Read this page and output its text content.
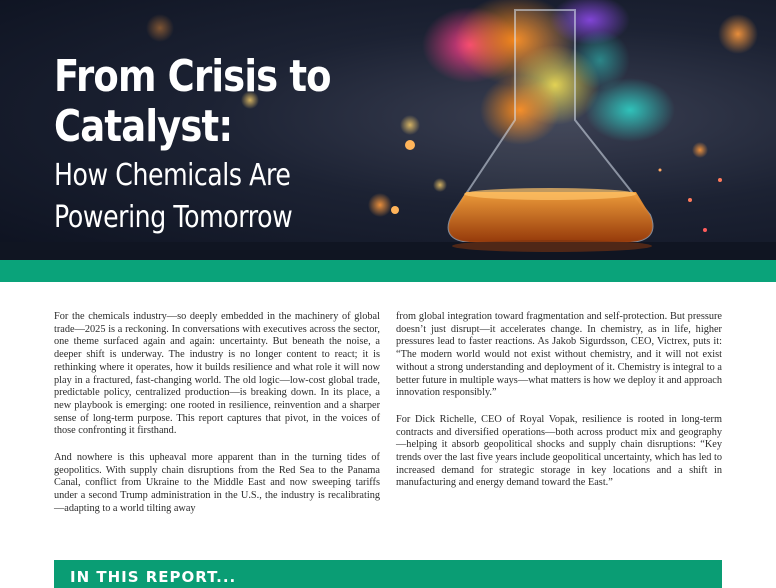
From Crisis to
Catalyst:
How Chemicals Are
Powering Tomorrow

For the chemicals industry—so deeply embedded in the machinery of global trade—2025 is a reckoning. In conversations with executives across the sector, one theme surfaced again and again: uncertainty. But beneath the noise, a deeper shift is underway. The industry is no longer content to react; it is rethinking where it operates, how it builds resilience and what role it will now play in a fractured, fast-changing world. The old logic—low-cost global trade, predictable policy, centralized production—is breaking down. In its place, a new playbook is emerging: one rooted in resilience, reinvention and a sharper sense of long-term purpose. This report captures that pivot, in the voices of those confronting it firsthand.

And nowhere is this upheaval more apparent than in the turning tides of geopolitics. With supply chain disruptions from the Red Sea to the Panama Canal, conflict from Ukraine to the Middle East and now sweeping tariffs under a second Trump administration in the U.S., the industry is recalibrating—adapting to a world tilting away

from global integration toward fragmentation and self-protection. But pressure doesn’t just disrupt—it accelerates change. In chemistry, as in life, higher pressures lead to faster reactions. As Jakob Sigurdsson, CEO, Victrex, puts it: “The modern world would not exist without chemistry, and it will not exist without a strong understanding and deployment of it. Chemistry is integral to a better future in multiple ways—what matters is how we deploy it and approach innovation responsibly.”

For Dick Richelle, CEO of Royal Vopak, resilience is rooted in long-term contracts and diversified operations—both across product mix and geography—helping it absorb geopolitical shocks and supply chain disruptions: “Key trends over the last five years include geopolitical uncertainty, which has led to increased demand for strategic storage in key locations and a shift in manufacturing and energy demand toward the East.”

IN THIS REPORT...
